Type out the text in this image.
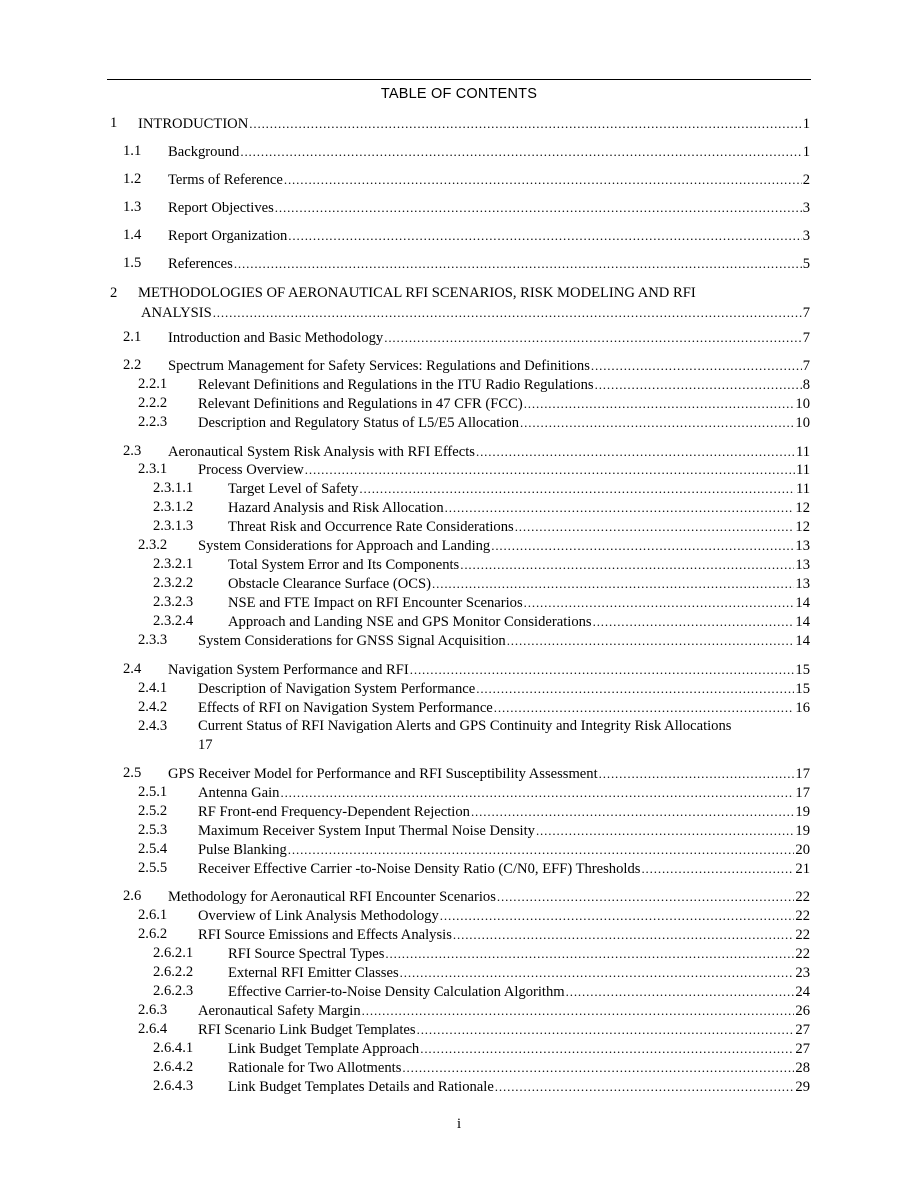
TABLE OF CONTENTS
1 INTRODUCTION . . .	1
1.1 Background . . .	1
1.2 Terms of Reference . . .	2
1.3 Report Objectives . . .	3
1.4 Report Organization . . .	3
1.5 References . . .	5
2 METHODOLOGIES OF AERONAUTICAL RFI SCENARIOS, RISK MODELING AND RFI
ANALYSIS . . .	7
2.1 Introduction and Basic Methodology . . .	7
2.2 Spectrum Management for Safety Services: Regulations and Definitions . . .	7
2.2.1 Relevant Definitions and Regulations in the ITU Radio Regulations . . .	8
2.2.2 Relevant Definitions and Regulations in 47 CFR (FCC) . . .	10
2.2.3 Description and Regulatory Status of L5/E5 Allocation . . .	10
2.3 Aeronautical System Risk Analysis with RFI Effects . . .	11
2.3.1 Process Overview . . .	11
2.3.1.1 Target Level of Safety . . .	11
2.3.1.2 Hazard Analysis and Risk Allocation . . .	12
2.3.1.3 Threat Risk and Occurrence Rate Considerations . . .	12
2.3.2 System Considerations for Approach and Landing . . .	13
2.3.2.1 Total System Error and Its Components . . .	13
2.3.2.2 Obstacle Clearance Surface (OCS) . . .	13
2.3.2.3 NSE and FTE Impact on RFI Encounter Scenarios . . .	14
2.3.2.4 Approach and Landing NSE and GPS Monitor Considerations . . .	14
2.3.3 System Considerations for GNSS Signal Acquisition . . .	14
2.4 Navigation System Performance and RFI . . .	15
2.4.1 Description of Navigation System Performance . . .	15
2.4.2 Effects of RFI on Navigation System Performance . . .	16
2.4.3 Current Status of RFI Navigation Alerts and GPS Continuity and Integrity Risk Allocations
17
2.5 GPS Receiver Model for Performance and RFI Susceptibility Assessment . . .	17
2.5.1 Antenna Gain . . .	17
2.5.2 RF Front-end Frequency-Dependent Rejection . . .	19
2.5.3 Maximum Receiver System Input Thermal Noise Density . . .	19
2.5.4 Pulse Blanking . . .	20
2.5.5 Receiver Effective Carrier -to-Noise Density Ratio (C/N0, EFF) Thresholds . . .	21
2.6 Methodology for Aeronautical RFI Encounter Scenarios . . .	22
2.6.1 Overview of Link Analysis Methodology . . .	22
2.6.2 RFI Source Emissions and Effects Analysis . . .	22
2.6.2.1 RFI Source Spectral Types . . .	22
2.6.2.2 External RFI Emitter Classes . . .	23
2.6.2.3 Effective Carrier-to-Noise Density Calculation Algorithm . . .	24
2.6.3 Aeronautical Safety Margin . . .	26
2.6.4 RFI Scenario Link Budget Templates . . .	27
2.6.4.1 Link Budget Template Approach . . .	27
2.6.4.2 Rationale for Two Allotments . . .	28
2.6.4.3 Link Budget Templates Details and Rationale . . .	29
i
